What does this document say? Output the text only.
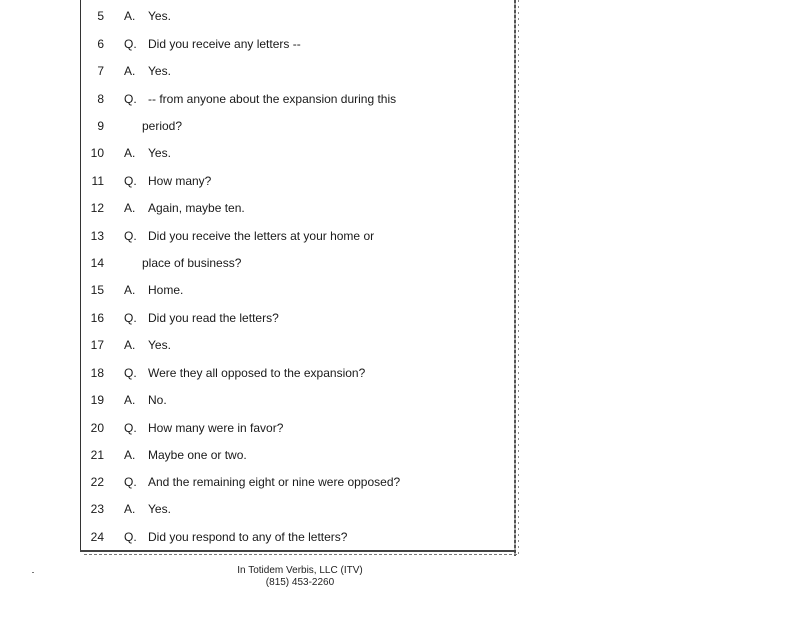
5 A. Yes.
6 Q. Did you receive any letters --
7 A. Yes.
8 Q. -- from anyone about the expansion during this
9	period?
10 A. Yes.
11 Q. How many?
12 A. Again, maybe ten.
13 Q. Did you receive the letters at your home or
14	place of business?
15 A. Home.
16 Q. Did you read the letters?
17 A. Yes.
18 Q. Were they all opposed to the expansion?
19 A. No.
20 Q. How many were in favor?
21 A. Maybe one or two.
22 Q. And the remaining eight or nine were opposed?
23 A. Yes.
24 Q. Did you respond to any of the letters?
In Totidem Verbis, LLC (ITV)
(815) 453-2260
